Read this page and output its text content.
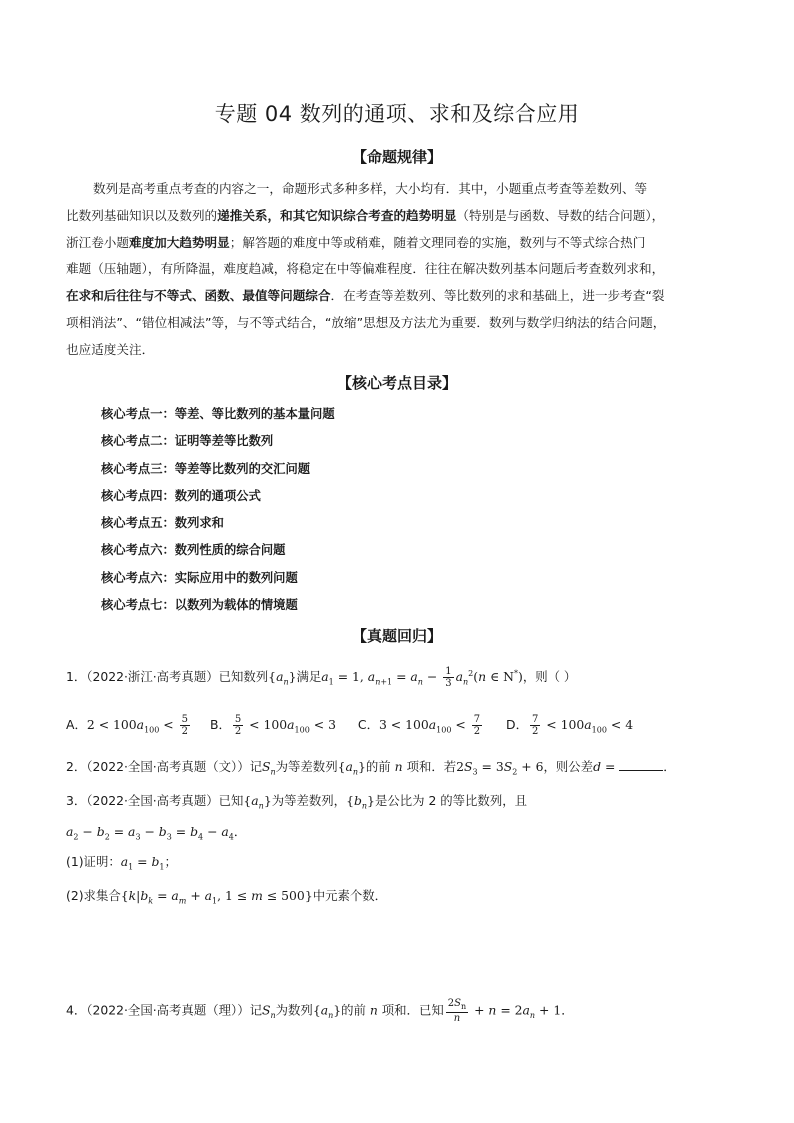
专题 04 数列的通项、求和及综合应用
【命题规律】
数列是高考重点考查的内容之一，命题形式多种多样，大小均有．其中，小题重点考查等差数列、等
比数列基础知识以及数列的递推关系，和其它知识综合考查的趋势明显（特别是与函数、导数的结合问题），
浙江卷小题难度加大趋势明显；解答题的难度中等或稍难，随着文理同卷的实施，数列与不等式综合热门
难题（压轴题），有所降温，难度趋减，将稳定在中等偏难程度．往往在解决数列基本问题后考查数列求和，
在求和后往往与不等式、函数、最值等问题综合．在考查等差数列、等比数列的求和基础上，进一步考查“裂
项相消法”、“错位相减法”等，与不等式结合，“放缩”思想及方法尤为重要．数列与数学归纳法的结合问题，
也应适度关注．
【核心考点目录】
核心考点一：等差、等比数列的基本量问题
核心考点二：证明等差等比数列
核心考点三：等差等比数列的交汇问题
核心考点四：数列的通项公式
核心考点五：数列求和
核心考点六：数列性质的综合问题
核心考点六：实际应用中的数列问题
核心考点七：以数列为载体的情境题
【真题回归】
1．（2022·浙江·高考真题）已知数列$\{a_n\}$满足$a_1 = 1$, $a_{n+1} = a_n - \frac{1}{3} a_n^2(n$ ∈ N*)，则（ ）
A．$2 < 100a_{100} < \frac{5}{2}$ B． $\frac{5}{2} < 100a_{100} < 3$ C．$3 < 100a_{100} < \frac{7}{2}$ D． $\frac{7}{2} < 100a_{100} < 4$
2．（2022·全国·高考真题（文））记$S_n$为等差数列$\{a_n\}$的前 n 项和．若$2S_3 = 3S_2 + 6$，则公差d =	．
3．（2022·全国·高考真题）已知$\{a_n\}$为等差数列，$\{b_n\}$是公比为 2 的等比数列，且
$a_2 - b_2 = a_3 - b_3 = b_4 - a_4$．
(1)证明：$a_1 = b_1$；
(2)求集合{$k|b_k = a_m + a_1$, 1 ≤ m ≤ 500}中元素个数．
4．（2022·全国·高考真题（理））记$S_n$为数列$\{a_n\}$的前 n 项和．已知 $\frac{2S_n}{n} + n = 2a_n + 1$．
